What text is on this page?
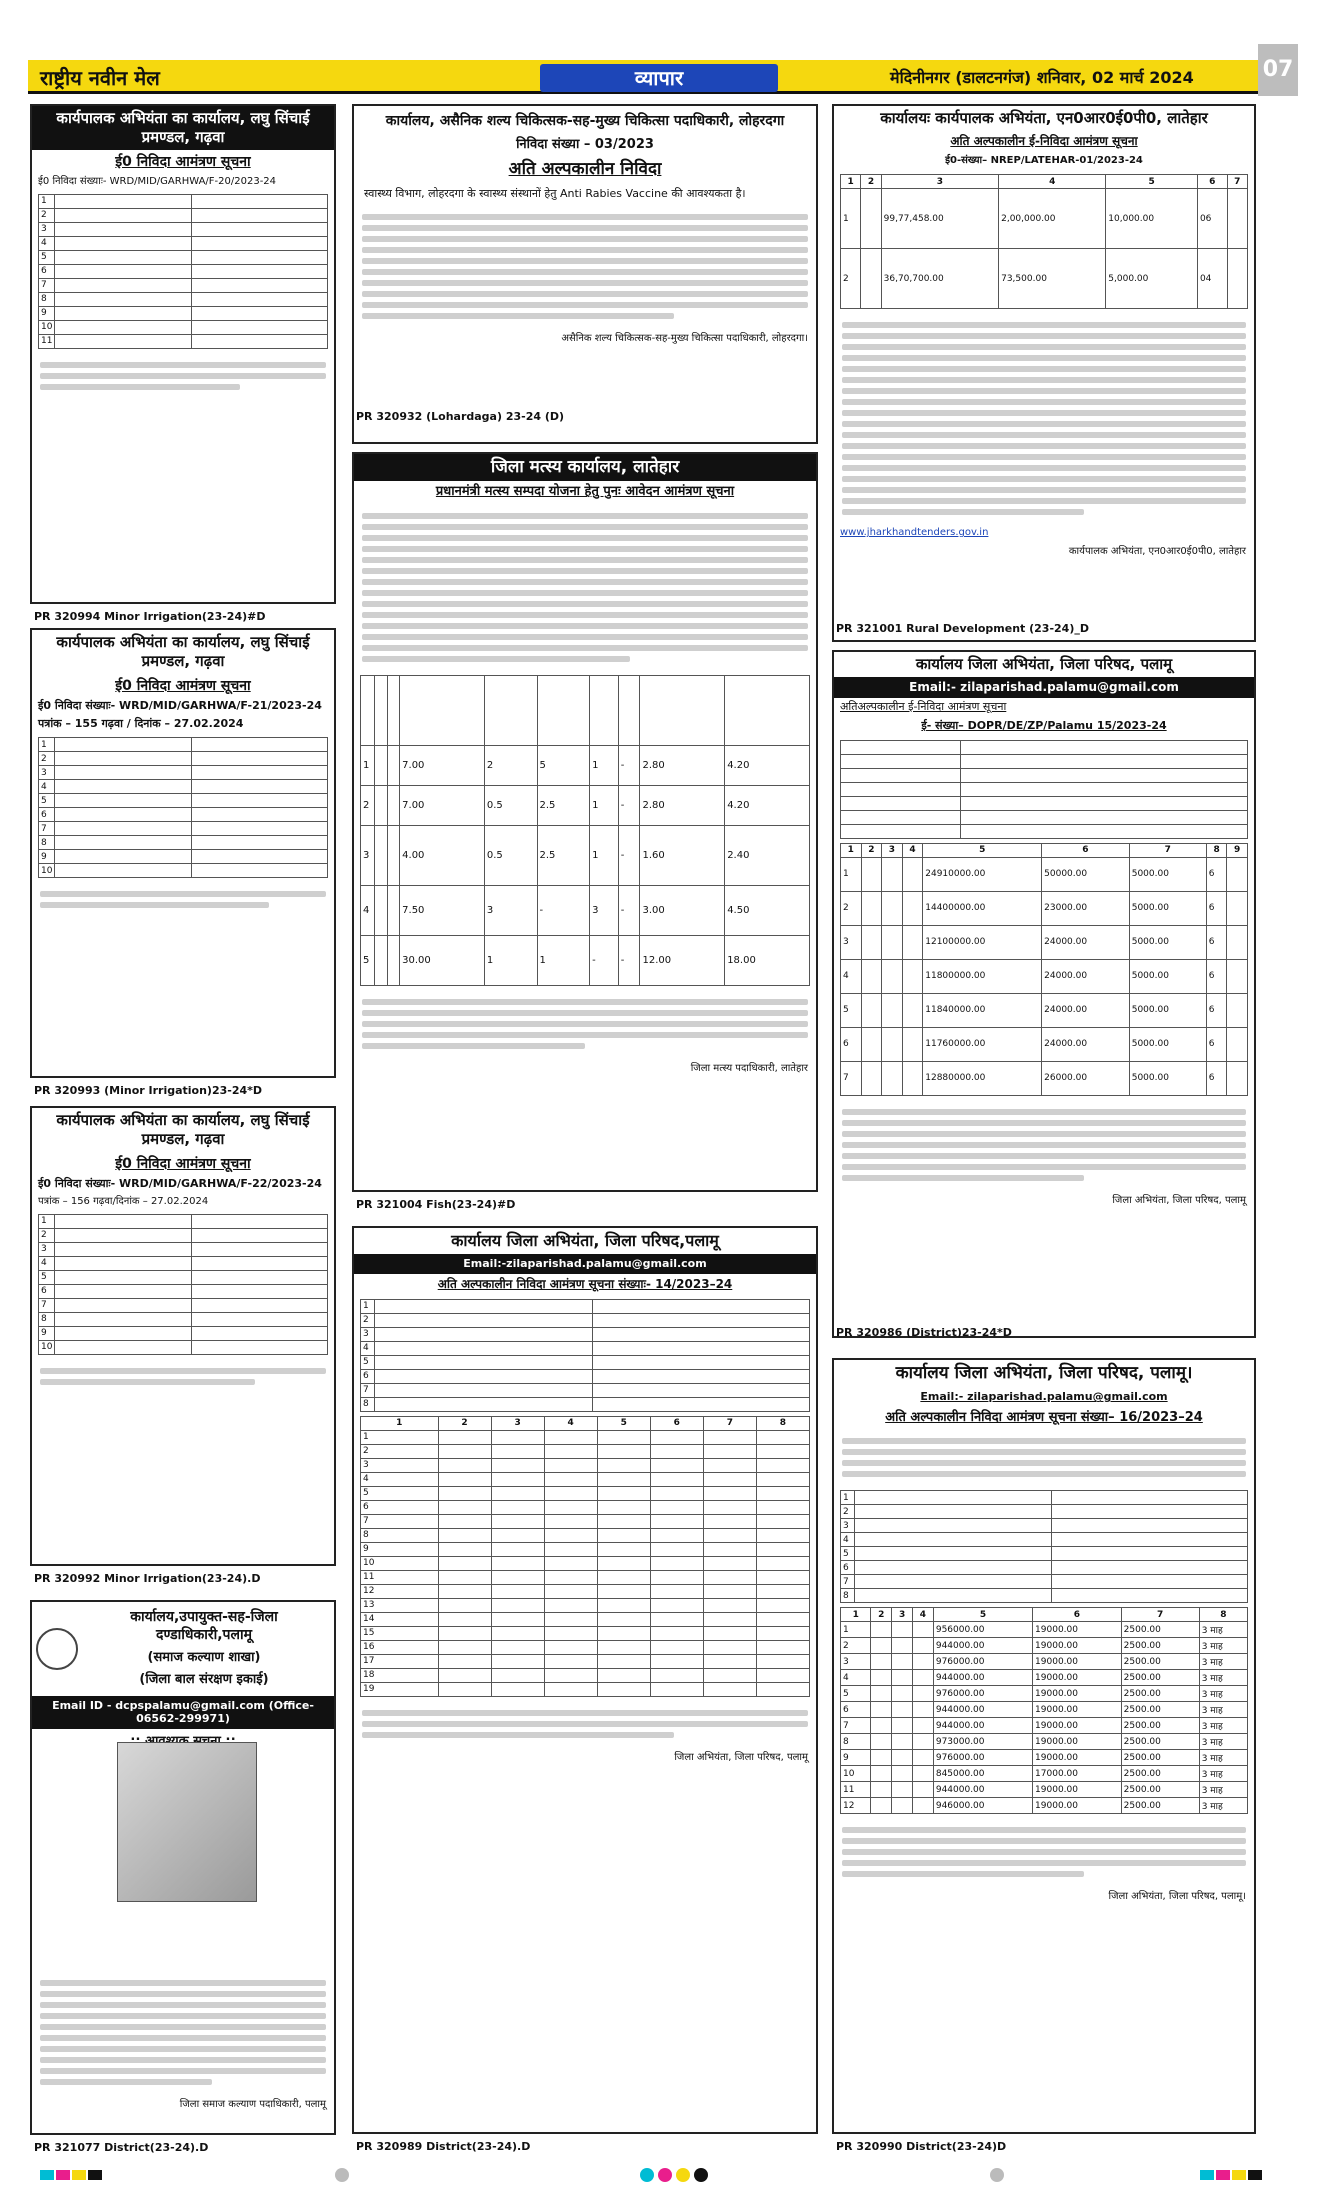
राष्ट्रीय नवीन मेल	व्यापार	मेदिनीनगर (डालटनगंज) शनिवार, 02 मार्च 2024	07
कार्यपालक अभियंता का कार्यालय, लघु सिंचाई प्रमण्डल, गढ़वा
ई0 निविदा आमंत्रण सूचना
ई0 निविदा संख्याः- WRD/MID/GARHWA/F-20/2023-24
1		
2		
3		
4		
5		
6		
7		
8		
9		
10		
11		
PR 320994 Minor Irrigation(23-24)#D
कार्यपालक अभियंता का कार्यालय, लघु सिंचाई प्रमण्डल, गढ़वा
ई0 निविदा आमंत्रण सूचना
ई0 निविदा संख्याः- WRD/MID/GARHWA/F-21/2023-24
पत्रांक – 155 गढ़वा / दिनांक – 27.02.2024
1		
2		
3		
4		
5		
6		
7		
8		
9		
10		
PR 320993 (Minor Irrigation)23-24*D
कार्यपालक अभियंता का कार्यालय, लघु सिंचाई प्रमण्डल, गढ़वा
ई0 निविदा आमंत्रण सूचना
ई0 निविदा संख्याः- WRD/MID/GARHWA/F-22/2023-24
पत्रांक – 156 गढ़वा/दिनांक – 27.02.2024
1		
2		
3		
4		
5		
6		
7		
8		
9		
10		
PR 320992 Minor Irrigation(23-24).D
कार्यालय,उपायुक्त-सह-जिला दण्डाधिकारी,पलामू
(समाज कल्याण शाखा)
(जिला बाल संरक्षण इकाई)
Email ID - dcpspalamu@gmail.com (Office-06562-299971)
जिला समाज कल्याण पदाधिकारी, पलामू
PR 321077 District(23-24).D
कार्यालय, असैनिक शल्य चिकित्सक-सह-मुख्य चिकित्सा पदाधिकारी, लोहरदगा
निविदा संख्या – 03/2023
अति अल्पकालीन निविदा
स्वास्थ्य विभाग, लोहरदगा के स्वास्थ्य संस्थानों हेतु Anti Rabies Vaccine की आवश्यकता है।
असैनिक शल्य चिकित्सक-सह-मुख्य चिकित्सा पदाधिकारी, लोहरदगा।
PR 320932 (Lohardaga) 23-24 (D)
जिला मत्स्य कार्यालय, लातेहार
प्रधानमंत्री मत्स्य सम्पदा योजना हेतु पुनः आवेदन आमंत्रण सूचना

1			7.00	2	5	1	-	2.80	4.20
2			7.00	0.5	2.5	1	-	2.80	4.20
3			4.00	0.5	2.5	1	-	1.60	2.40
4			7.50	3	-	3	-	3.00	4.50
5			30.00	1	1	-	-	12.00	18.00
जिला मत्स्य पदाधिकारी, लातेहार
PR 321004 Fish(23-24)#D
कार्यालय जिला अभियंता, जिला परिषद,पलामू
Email:-zilaparishad.palamu@gmail.com
अति अल्पकालीन निविदा आमंत्रण सूचना संख्याः- 14/2023–24
1		
2		
3		
4		
5		
6		
7		
8		
1	2	3	4	5	6	7	8
1							
2							
3							
4							
5							
6							
7							
8							
9							
10							
11							
12							
13							
14							
15							
16							
17							
18							
19							
जिला अभियंता, जिला परिषद, पलामू
PR 320989 District(23-24).D
कार्यालयः कार्यपालक अभियंता, एन0आर0ई0पी0, लातेहार
अति अल्पकालीन ई-निविदा आमंत्रण सूचना
ई0-संख्या– NREP/LATEHAR-01/2023-24
1	2	3	4	5	6	7
1		99,77,458.00	2,00,000.00	10,000.00	06	
2		36,70,700.00	73,500.00	5,000.00	04	
www.jharkhandtenders.gov.in
कार्यपालक अभियंता, एन0आर0ई0पी0, लातेहार
PR 321001 Rural Development (23-24)_D
कार्यालय जिला अभियंता, जिला परिषद, पलामू
Email:- zilaparishad.palamu@gmail.com
अतिअल्पकालीन ई-निविदा आमंत्रण सूचना
ई- संख्या– DOPR/DE/ZP/Palamu 15/2023-24

1	2	3	4	5	6	7	8	9
1				24910000.00	50000.00	5000.00	6	
2				14400000.00	23000.00	5000.00	6	
3				12100000.00	24000.00	5000.00	6	
4				11800000.00	24000.00	5000.00	6	
5				11840000.00	24000.00	5000.00	6	
6				11760000.00	24000.00	5000.00	6	
7				12880000.00	26000.00	5000.00	6	
जिला अभियंता, जिला परिषद, पलामू
PR 320986 (District)23-24*D
कार्यालय जिला अभियंता, जिला परिषद, पलामू।
Email:- zilaparishad.palamu@gmail.com
अति अल्पकालीन निविदा आमंत्रण सूचना संख्या– 16/2023–24
1		
2		
3		
4		
5		
6		
7		
8		
1	2	3	4	5	6	7	8
1				956000.00	19000.00	2500.00	3 माह
2				944000.00	19000.00	2500.00	3 माह
3				976000.00	19000.00	2500.00	3 माह
4				944000.00	19000.00	2500.00	3 माह
5				976000.00	19000.00	2500.00	3 माह
6				944000.00	19000.00	2500.00	3 माह
7				944000.00	19000.00	2500.00	3 माह
8				973000.00	19000.00	2500.00	3 माह
9				976000.00	19000.00	2500.00	3 माह
10				845000.00	17000.00	2500.00	3 माह
11				944000.00	19000.00	2500.00	3 माह
12				946000.00	19000.00	2500.00	3 माह
जिला अभियंता, जिला परिषद, पलामू।
PR 320990 District(23-24)D
